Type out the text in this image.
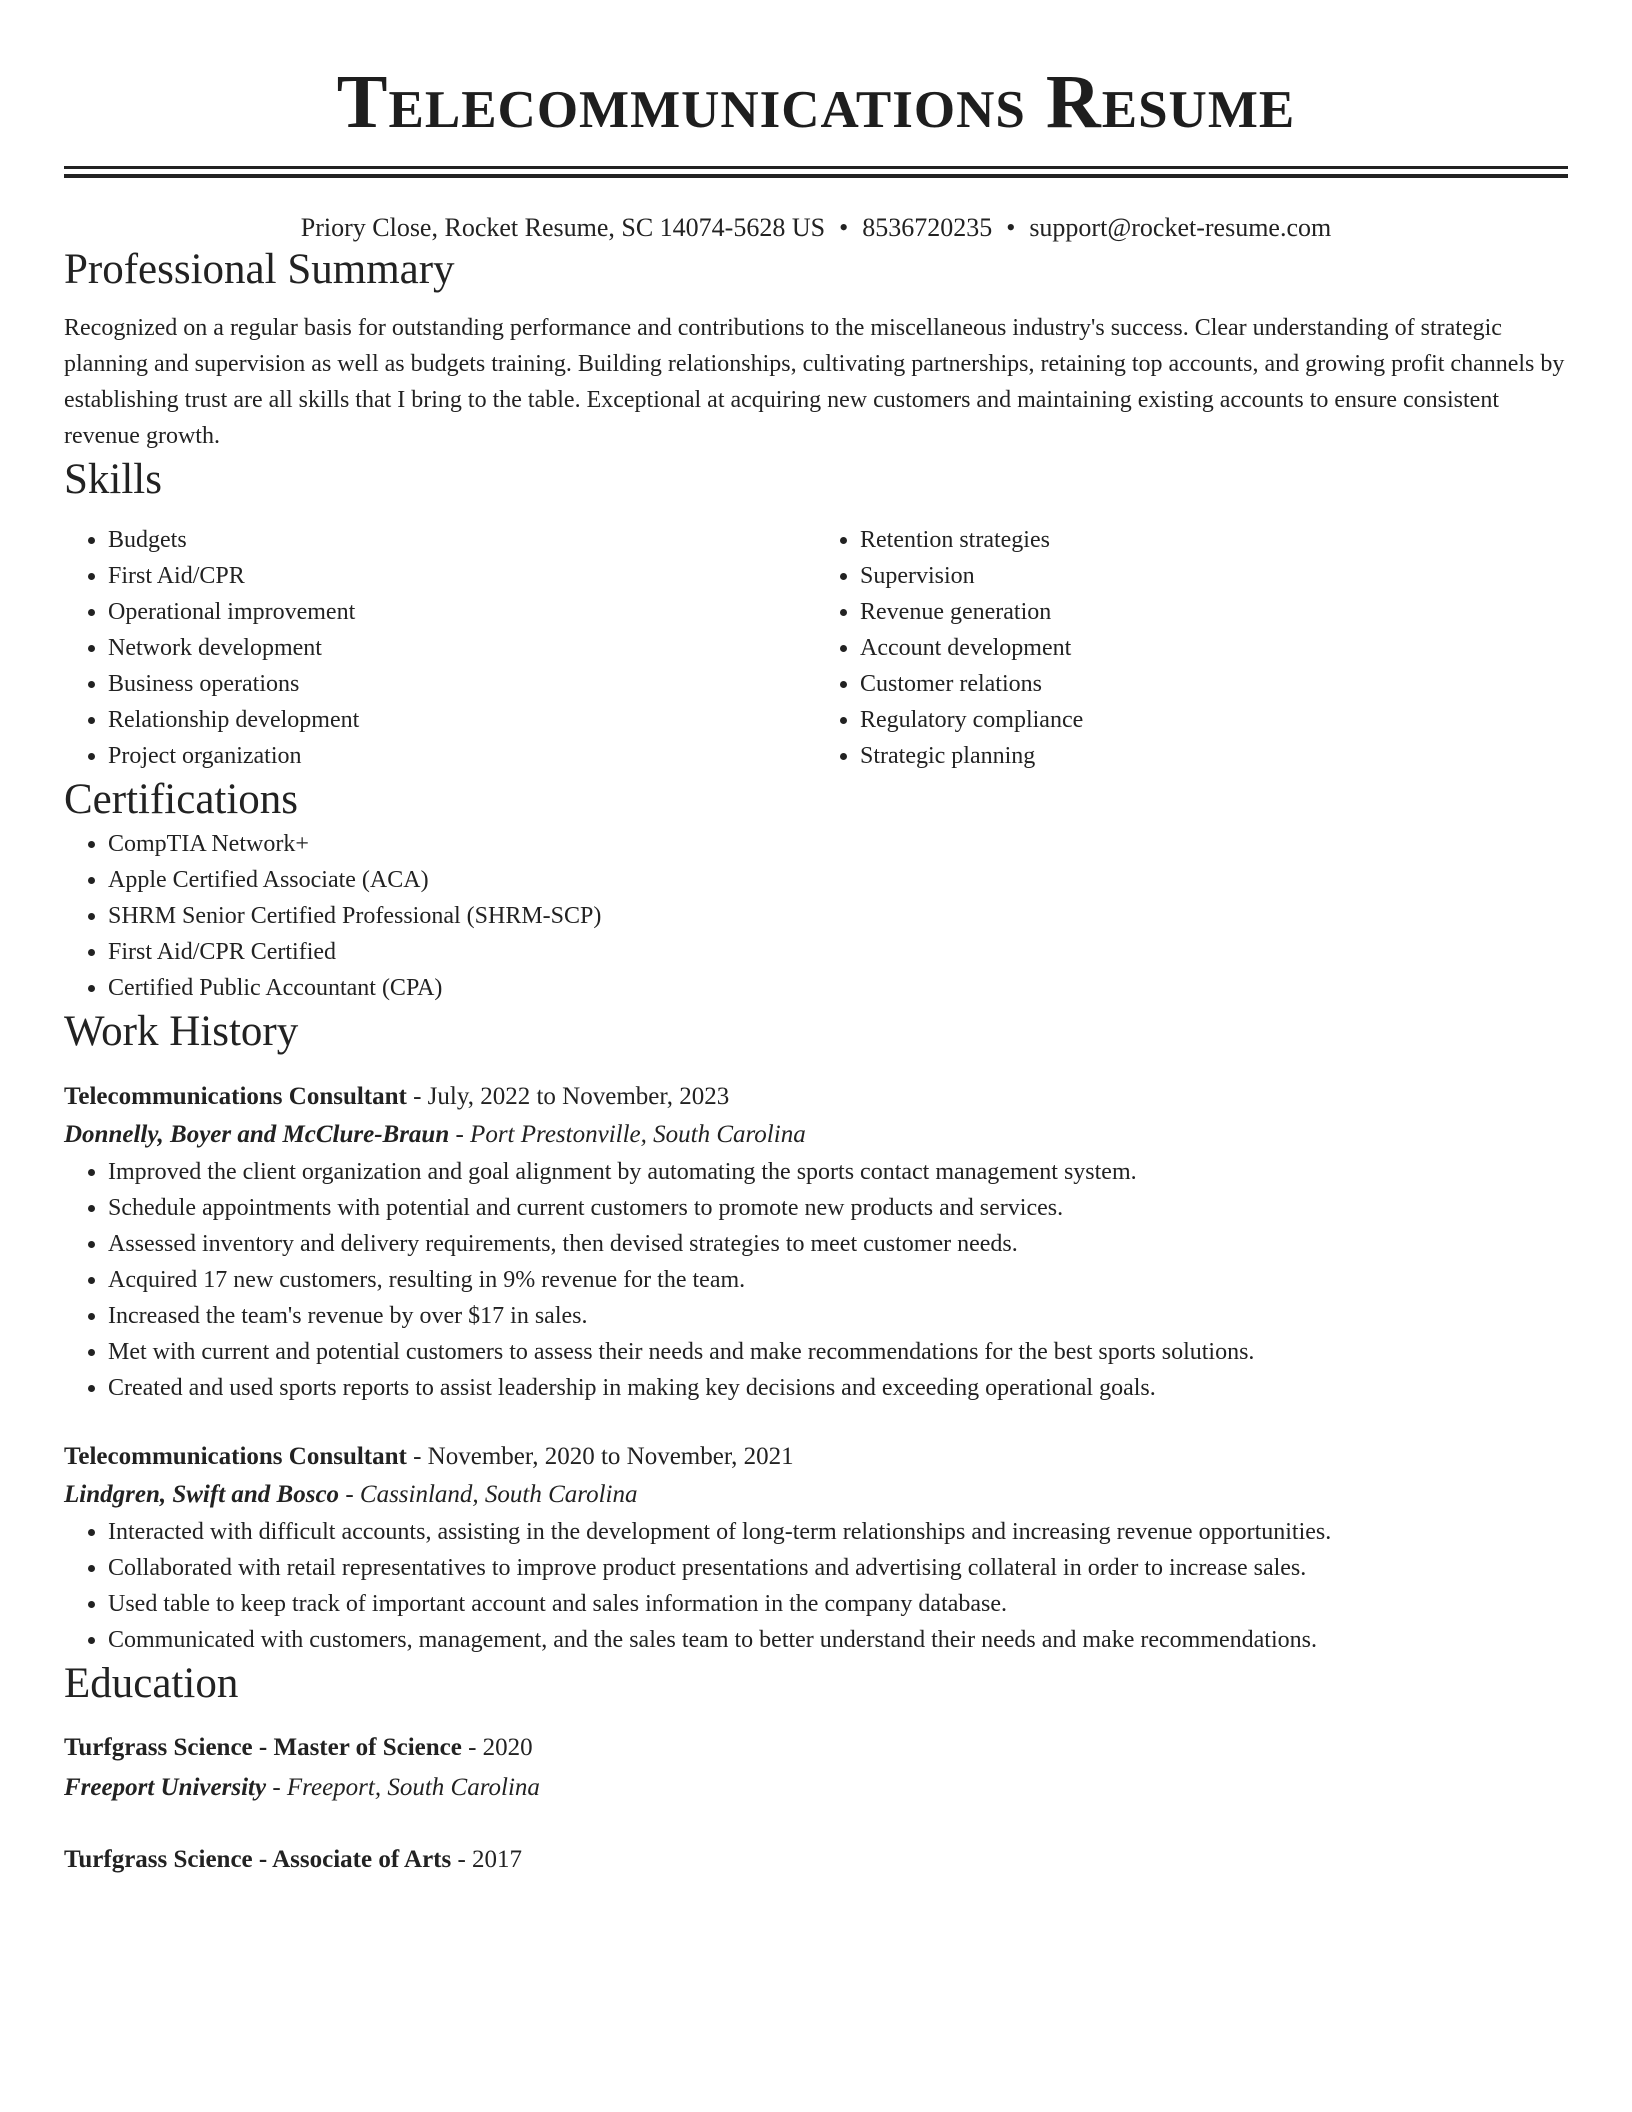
Telecommunications Resume
Priory Close, Rocket Resume, SC 14074-5628 US • 8536720235 • support@rocket-resume.com
Professional Summary

Recognized on a regular basis for outstanding performance and contributions to the miscellaneous industry's success. Clear understanding of strategic planning and supervision as well as budgets training. Building relationships, cultivating partnerships, retaining top accounts, and growing profit channels by establishing trust are all skills that I bring to the table. Exceptional at acquiring new customers and maintaining existing accounts to ensure consistent revenue growth.

Skills
• Budgets
• First Aid/CPR
• Operational improvement
• Network development
• Business operations
• Relationship development
• Project organization
• Retention strategies
• Supervision
• Revenue generation
• Account development
• Customer relations
• Regulatory compliance
• Strategic planning
Certifications
• CompTIA Network+
• Apple Certified Associate (ACA)
• SHRM Senior Certified Professional (SHRM-SCP)
• First Aid/CPR Certified
• Certified Public Accountant (CPA)
Work History
Telecommunications Consultant - July, 2022 to November, 2023
Donnelly, Boyer and McClure-Braun - Port Prestonville, South Carolina
• Improved the client organization and goal alignment by automating the sports contact management system.
• Schedule appointments with potential and current customers to promote new products and services.
• Assessed inventory and delivery requirements, then devised strategies to meet customer needs.
• Acquired 17 new customers, resulting in 9% revenue for the team.
• Increased the team's revenue by over $17 in sales.
• Met with current and potential customers to assess their needs and make recommendations for the best sports solutions.
• Created and used sports reports to assist leadership in making key decisions and exceeding operational goals.
Telecommunications Consultant - November, 2020 to November, 2021
Lindgren, Swift and Bosco - Cassinland, South Carolina
• Interacted with difficult accounts, assisting in the development of long-term relationships and increasing revenue opportunities.
• Collaborated with retail representatives to improve product presentations and advertising collateral in order to increase sales.
• Used table to keep track of important account and sales information in the company database.
• Communicated with customers, management, and the sales team to better understand their needs and make recommendations.
Education
Turfgrass Science - Master of Science - 2020
Freeport University - Freeport, South Carolina
Turfgrass Science - Associate of Arts - 2017
